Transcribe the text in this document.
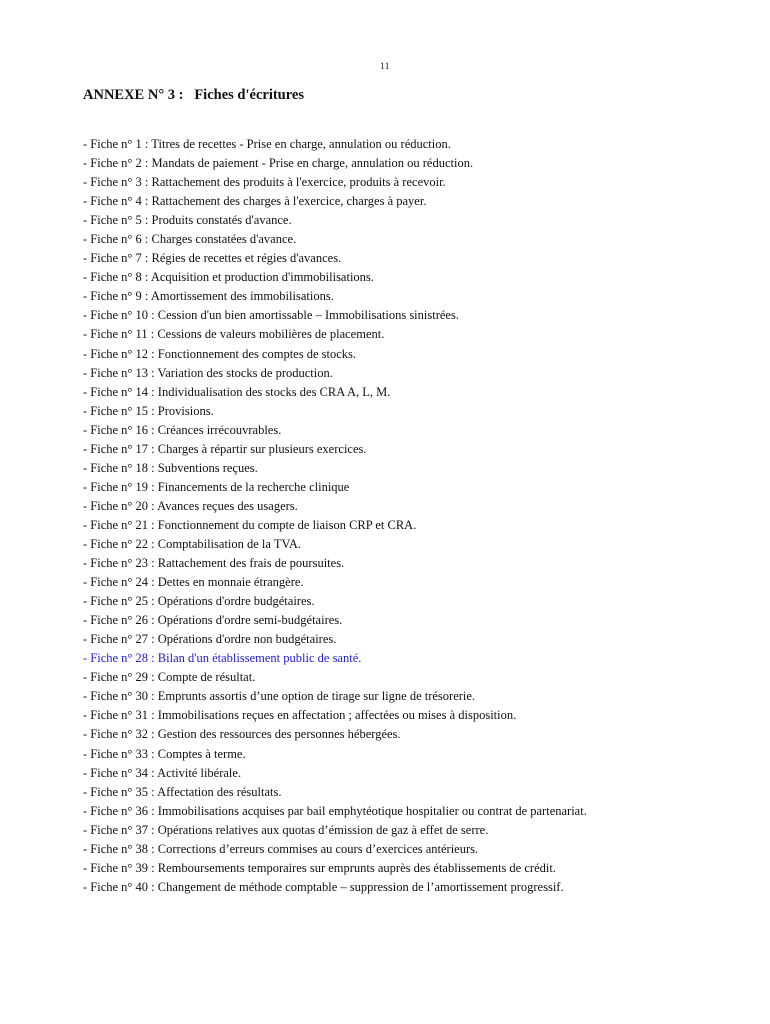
11
ANNEXE N° 3 :   Fiches d'écritures
- Fiche n° 1 : Titres de recettes - Prise en charge, annulation ou réduction.
- Fiche n° 2 : Mandats de paiement - Prise en charge, annulation ou réduction.
- Fiche n° 3 : Rattachement des produits à l'exercice, produits à recevoir.
- Fiche n° 4 : Rattachement des charges à l'exercice, charges à payer.
- Fiche n° 5 : Produits constatés d'avance.
- Fiche n° 6 : Charges constatées d'avance.
- Fiche n° 7 : Régies de recettes et régies d'avances.
- Fiche n° 8 : Acquisition et production d'immobilisations.
- Fiche n° 9 : Amortissement des immobilisations.
- Fiche n° 10 : Cession d'un bien amortissable – Immobilisations sinistrées.
- Fiche n° 11 : Cessions de valeurs mobilières de placement.
- Fiche n° 12 : Fonctionnement des comptes de stocks.
- Fiche n° 13 : Variation des stocks de production.
- Fiche n° 14 : Individualisation des stocks des CRA A, L, M.
- Fiche n° 15 : Provisions.
- Fiche n° 16 : Créances irrécouvrables.
- Fiche n° 17 : Charges à répartir sur plusieurs exercices.
- Fiche n° 18 : Subventions reçues.
- Fiche n° 19 : Financements de la recherche clinique
- Fiche n° 20 : Avances reçues des usagers.
- Fiche n° 21 : Fonctionnement du compte de liaison CRP et CRA.
- Fiche n° 22 : Comptabilisation de la TVA.
- Fiche n° 23 : Rattachement des frais de poursuites.
- Fiche n° 24 : Dettes en monnaie étrangère.
- Fiche n° 25 : Opérations d'ordre budgétaires.
- Fiche n° 26 : Opérations d'ordre semi-budgétaires.
- Fiche n° 27 : Opérations d'ordre non budgétaires.
- Fiche n° 28 : Bilan d'un établissement public de santé.
- Fiche n° 29 : Compte de résultat.
- Fiche n° 30 : Emprunts assortis d’une option de tirage sur ligne de trésorerie.
- Fiche n° 31 : Immobilisations reçues en affectation ; affectées ou mises à disposition.
- Fiche n° 32 : Gestion des ressources des personnes hébergées.
- Fiche n° 33 : Comptes à terme.
- Fiche n° 34 : Activité libérale.
- Fiche n° 35 : Affectation des résultats.
- Fiche n° 36 : Immobilisations acquises par bail emphytéotique hospitalier ou contrat de partenariat.
- Fiche n° 37 : Opérations relatives aux quotas d’émission de gaz à effet de serre.
- Fiche n° 38 : Corrections d’erreurs commises au cours d’exercices antérieurs.
- Fiche n° 39 : Remboursements temporaires sur emprunts auprès des établissements de crédit.
- Fiche n° 40 : Changement de méthode comptable – suppression de l’amortissement progressif.
